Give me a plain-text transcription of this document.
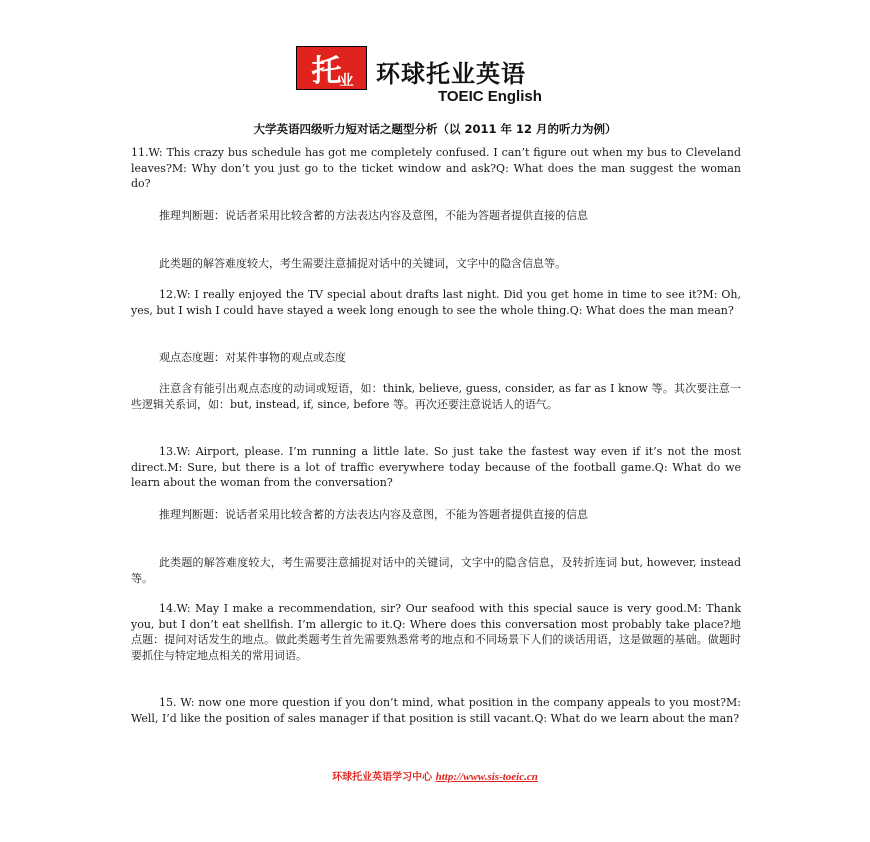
托业 环球托业英语
TOEIC English
大学英语四级听力短对话之题型分析（以 2011 年 12 月的听力为例）

11.W: This crazy bus schedule has got me completely confused. I can’t figure out when my bus to Cleveland leaves?M: Why don’t you just go to the ticket window and ask?Q: What does the man suggest the woman do?

推理判断题：说话者采用比较含蓄的方法表达内容及意图，不能为答题者提供直接的信息

此类题的解答难度较大，考生需要注意捕捉对话中的关键词，文字中的隐含信息等。

12.W: I really enjoyed the TV special about drafts last night. Did you get home in time to see it?M: Oh, yes, but I wish I could have stayed a week long enough to see the whole thing.Q: What does the man mean?

观点态度题：对某件事物的观点或态度

注意含有能引出观点态度的动词或短语，如：think, believe, guess, consider, as far as I know 等。其次要注意一些逻辑关系词，如：but, instead, if, since, before 等。再次还要注意说话人的语气。

13.W: Airport, please. I’m running a little late. So just take the fastest way even if it’s not the most direct.M: Sure, but there is a lot of traffic everywhere today because of the football game.Q: What do we learn about the woman from the conversation?

推理判断题：说话者采用比较含蓄的方法表达内容及意图，不能为答题者提供直接的信息

此类题的解答难度较大，考生需要注意捕捉对话中的关键词，文字中的隐含信息，及转折连词 but, however, instead 等。

14.W: May I make a recommendation, sir? Our seafood with this special sauce is very good.M: Thank you, but I don’t eat shellfish. I’m allergic to it.Q: Where does this conversation most probably take place?地点题：提问对话发生的地点。做此类题考生首先需要熟悉常考的地点和不同场景下人们的谈话用语，这是做题的基础。做题时要抓住与特定地点相关的常用词语。

15. W: now one more question if you don’t mind, what position in the company appeals to you most?M: Well, I’d like the position of sales manager if that position is still vacant.Q: What do we learn about the man?

环球托业英语学习中心 http://www.sis-toeic.cn
